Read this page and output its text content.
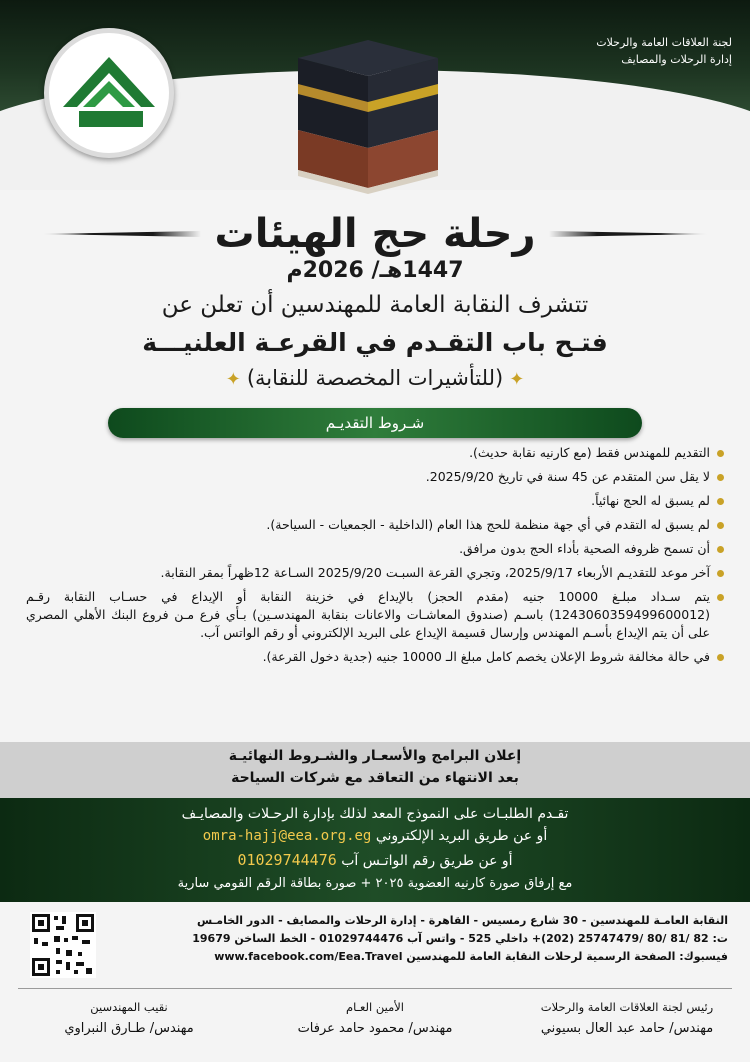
لجنة العلاقات العامة والرحلات
إدارة الرحلات والمصايف
رحلة حج الهيئات
1447هـ/ 2026م
تتشرف النقابة العامة للمهندسين أن تعلن عن
فتـح باب التقـدم في القرعـة العلنيـــة
✦(للتأشيرات المخصصة للنقابة)✦
شـروط التقديـم
التقديم للمهندس فقط (مع كارنيه نقابة حديث).
لا يقل سن المتقدم عن 45 سنة في تاريخ 2025/9/20.
لم يسبق له الحج نهائياً.
لم يسبق له التقدم في أي جهة منظمة للحج هذا العام (الداخلية - الجمعيات - السياحة).
أن تسمح ظروفه الصحية بأداء الحج بدون مرافق.
آخر موعد للتقديـم الأربعاء 2025/9/17، وتجري القرعة السبـت 2025/9/20 السـاعة 12ظهراً بمقر النقابة.
يتم سـداد مبلـغ 10000 جنيه (مقدم الحجز) بالإيداع في خزينة النقابة أو الإيداع في حسـاب النقابة رقـم (1243060359499600012) باسـم (صندوق المعاشـات والاعانات بنقابة المهندسـين) بـأي فرع مـن فروع البنك الأهلي المصري على أن يتم الإيداع بأسـم المهندس وإرسال قسيمة الإيداع على البريد الإلكتروني أو رقم الواتس آب.
في حالة مخالفة شروط الإعلان يخصم كامل مبلغ الـ 10000 جنيه (جدية دخول القرعة).
إعلان البرامج والأسعـار والشـروط النهائيـة
بعد الانتهاء من التعاقد مع شركات السياحة
تقـدم الطلبـات على النموذج المعد لذلك بإدارة الرحـلات والمصايـف
أو عن طريق البريد الإلكتروني omra-hajj@eea.org.eg
أو عن طريق رقم الواتـس آب 01029744476
مع إرفاق صورة كارنيه العضوية ٢٠٢٥ + صورة بطاقة الرقم القومي سارية
النقابة العامـة للمهندسين - 30 شارع رمسيس - القاهرة - إدارة الرحلات والمصايف - الدور الخامـس
ت: 82 /81 /80 /25747479 (202)+ داخلي 525 - واتس آب 01029744476 - الخط الساخن 19679
فيسبوك: الصفحة الرسمية لرحلات النقابة العامة للمهندسين www.facebook.com/Eea.Travel
رئيس لجنة العلاقات العامة والرحلات
مهندس/ حامد عبد العال بسيوني
الأمين العـام
مهندس/ محمود حامد عرفات
نقيب المهندسين
مهندس/ طـارق النبراوي
